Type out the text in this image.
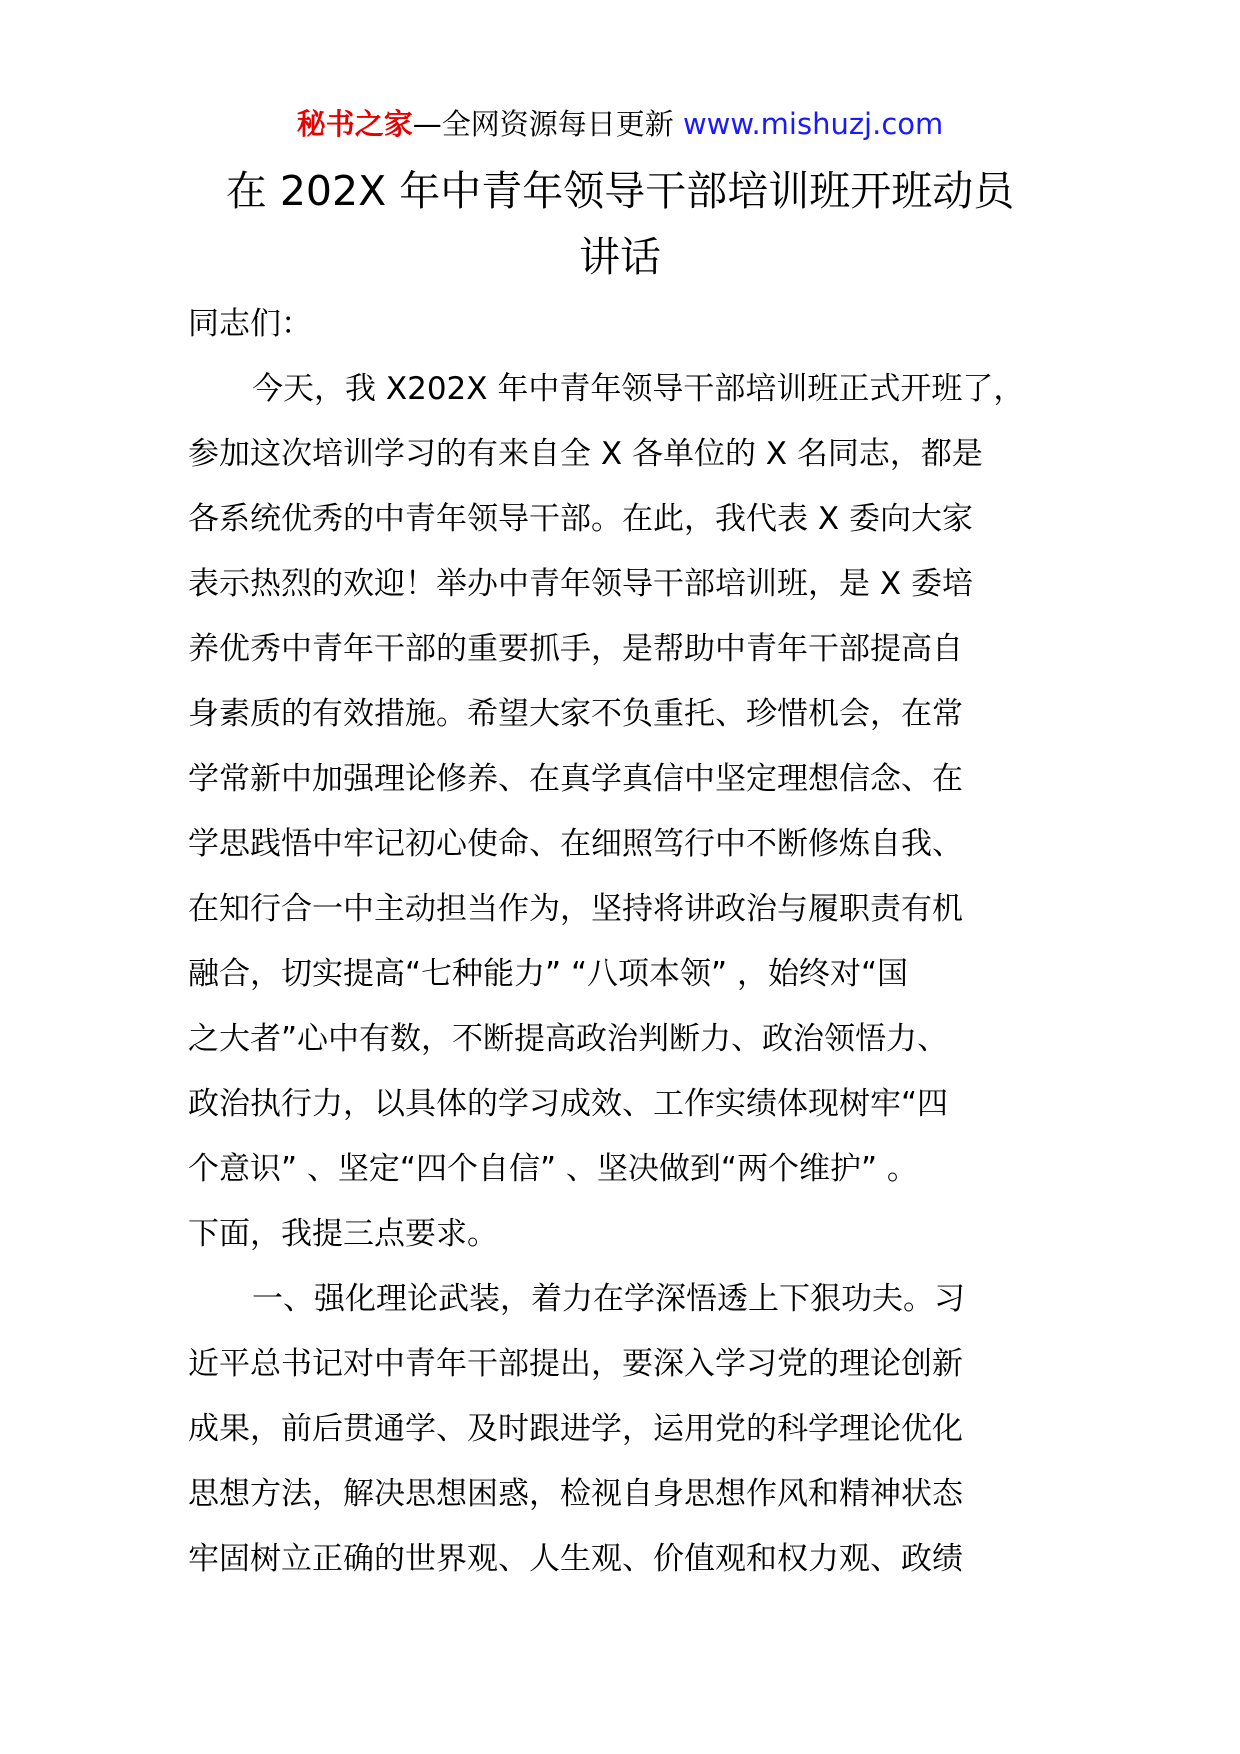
秘书之家—全网资源每日更新 www.mishuzj.com
在 202X 年中青年领导干部培训班开班动员
讲话
同志们：
今天，我 X202X 年中青年领导干部培训班正式开班了，
参加这次培训学习的有来自全 X 各单位的 X 名同志，都是
各系统优秀的中青年领导干部。在此，我代表 X 委向大家
表示热烈的欢迎！举办中青年领导干部培训班，是 X 委培
养优秀中青年干部的重要抓手，是帮助中青年干部提高自
身素质的有效措施。希望大家不负重托、珍惜机会，在常
学常新中加强理论修养、在真学真信中坚定理想信念、在
学思践悟中牢记初心使命、在细照笃行中不断修炼自我、
在知行合一中主动担当作为，坚持将讲政治与履职责有机
融合，切实提高“七种能力” “八项本领” ，始终对“国
之大者”心中有数，不断提高政治判断力、政治领悟力、
政治执行力，以具体的学习成效、工作实绩体现树牢“四
个意识” 、坚定“四个自信” 、坚决做到“两个维护” 。
下面，我提三点要求。
一、强化理论武装，着力在学深悟透上下狠功夫。习
近平总书记对中青年干部提出，要深入学习党的理论创新
成果，前后贯通学、及时跟进学，运用党的科学理论优化
思想方法，解决思想困惑，检视自身思想作风和精神状态
牢固树立正确的世界观、人生观、价值观和权力观、政绩
